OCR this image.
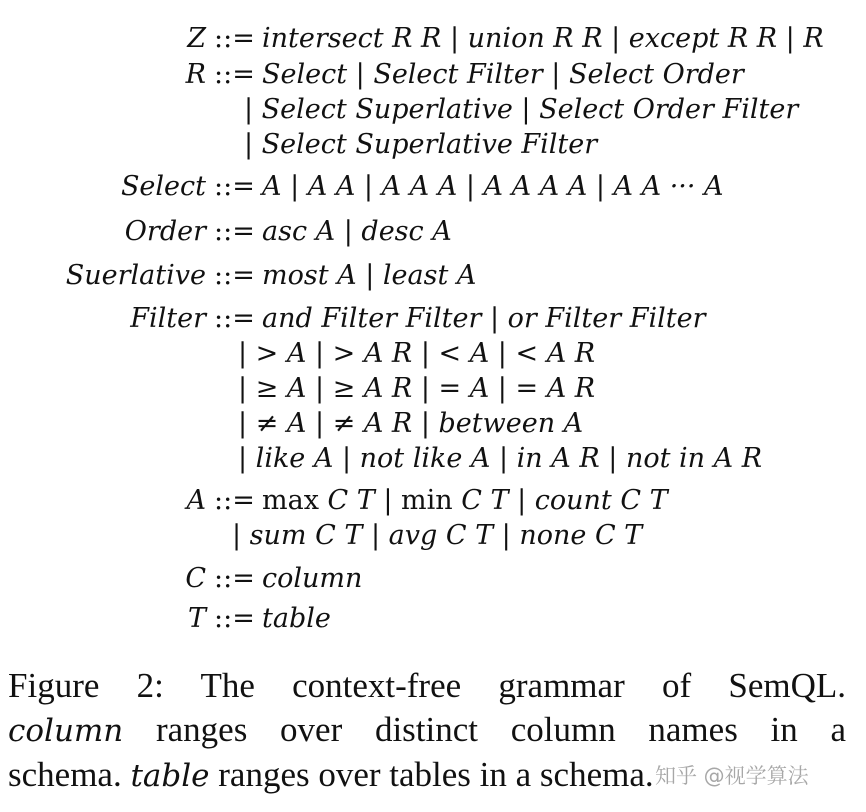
Z ::= intersect R R | union R R | except R R | R
R ::= Select | Select Filter | Select Order
| Select Superlative | Select Order Filter
| Select Superlative Filter
Select ::= A | A A | A A A | A A A A | A A ··· A
Order ::= asc A | desc A
Suerlative ::= most A | least A
Filter ::= and Filter Filter | or Filter Filter
| > A | > A R | < A | < A R
| ≥ A | ≥ A R | = A | = A R
| ≠ A | ≠ A R | between A
| like A | not like A | in A R | not in A R
A ::= max C T | min C T | count C T
| sum C T | avg C T | none C T
C ::= column
T ::= table
Figure 2: The context-free grammar of SemQL.
column ranges over distinct column names in a
schema. table ranges over tables in a schema. 知乎 @视学算法
